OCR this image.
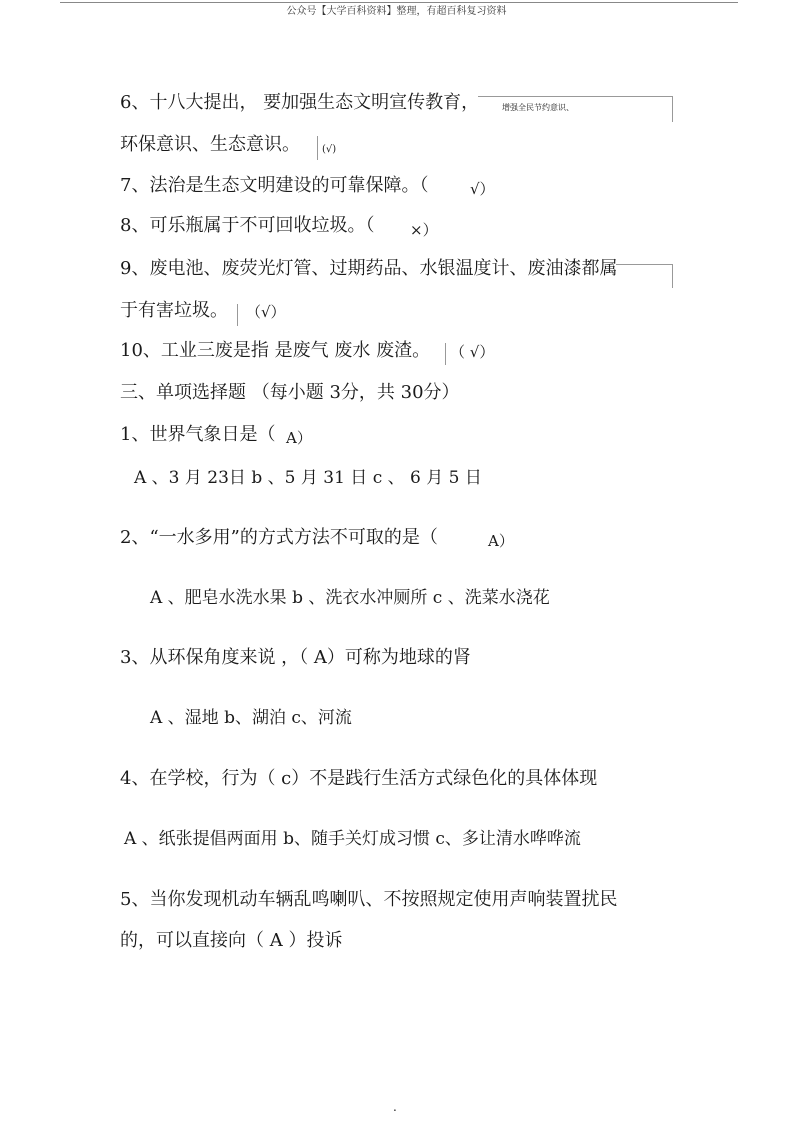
公众号【大学百科资料】整理，有超百科复习资料
6、十八大提出， 要加强生态文明宣传教育，	增强全民节约意识、
环保意识、生态意识。 (√)
7、法治是生态文明建设的可靠保障。（	√）
8、可乐瓶属于不可回收垃圾。（ ×）
9、废电池、废荧光灯管、过期药品、水银温度计、废油漆都属
于有害垃圾。 （√）
10、工业三废是指 是废气 废水 废渣。 （ √）
三、单项选择题 （每小题 3分，共 30分）
1、世界气象日是（ A）
A 、3 月 23日 b 、5 月 31 日 c 、 6 月 5 日
2、“一水多用”的方式方法不可取的是（	A）
A 、肥皂水洗水果 b 、洗衣水冲厕所 c 、洗菜水浇花
3、从环保角度来说 ，（ A）可称为地球的肾
A 、湿地 b、湖泊 c、河流
4、在学校，行为（ c）不是践行生活方式绿色化的具体体现
A 、纸张提倡两面用 b、随手关灯成习惯 c、多让清水哗哗流
5、当你发现机动车辆乱鸣喇叭、不按照规定使用声响装置扰民
的，可以直接向（ A ）投诉
.
